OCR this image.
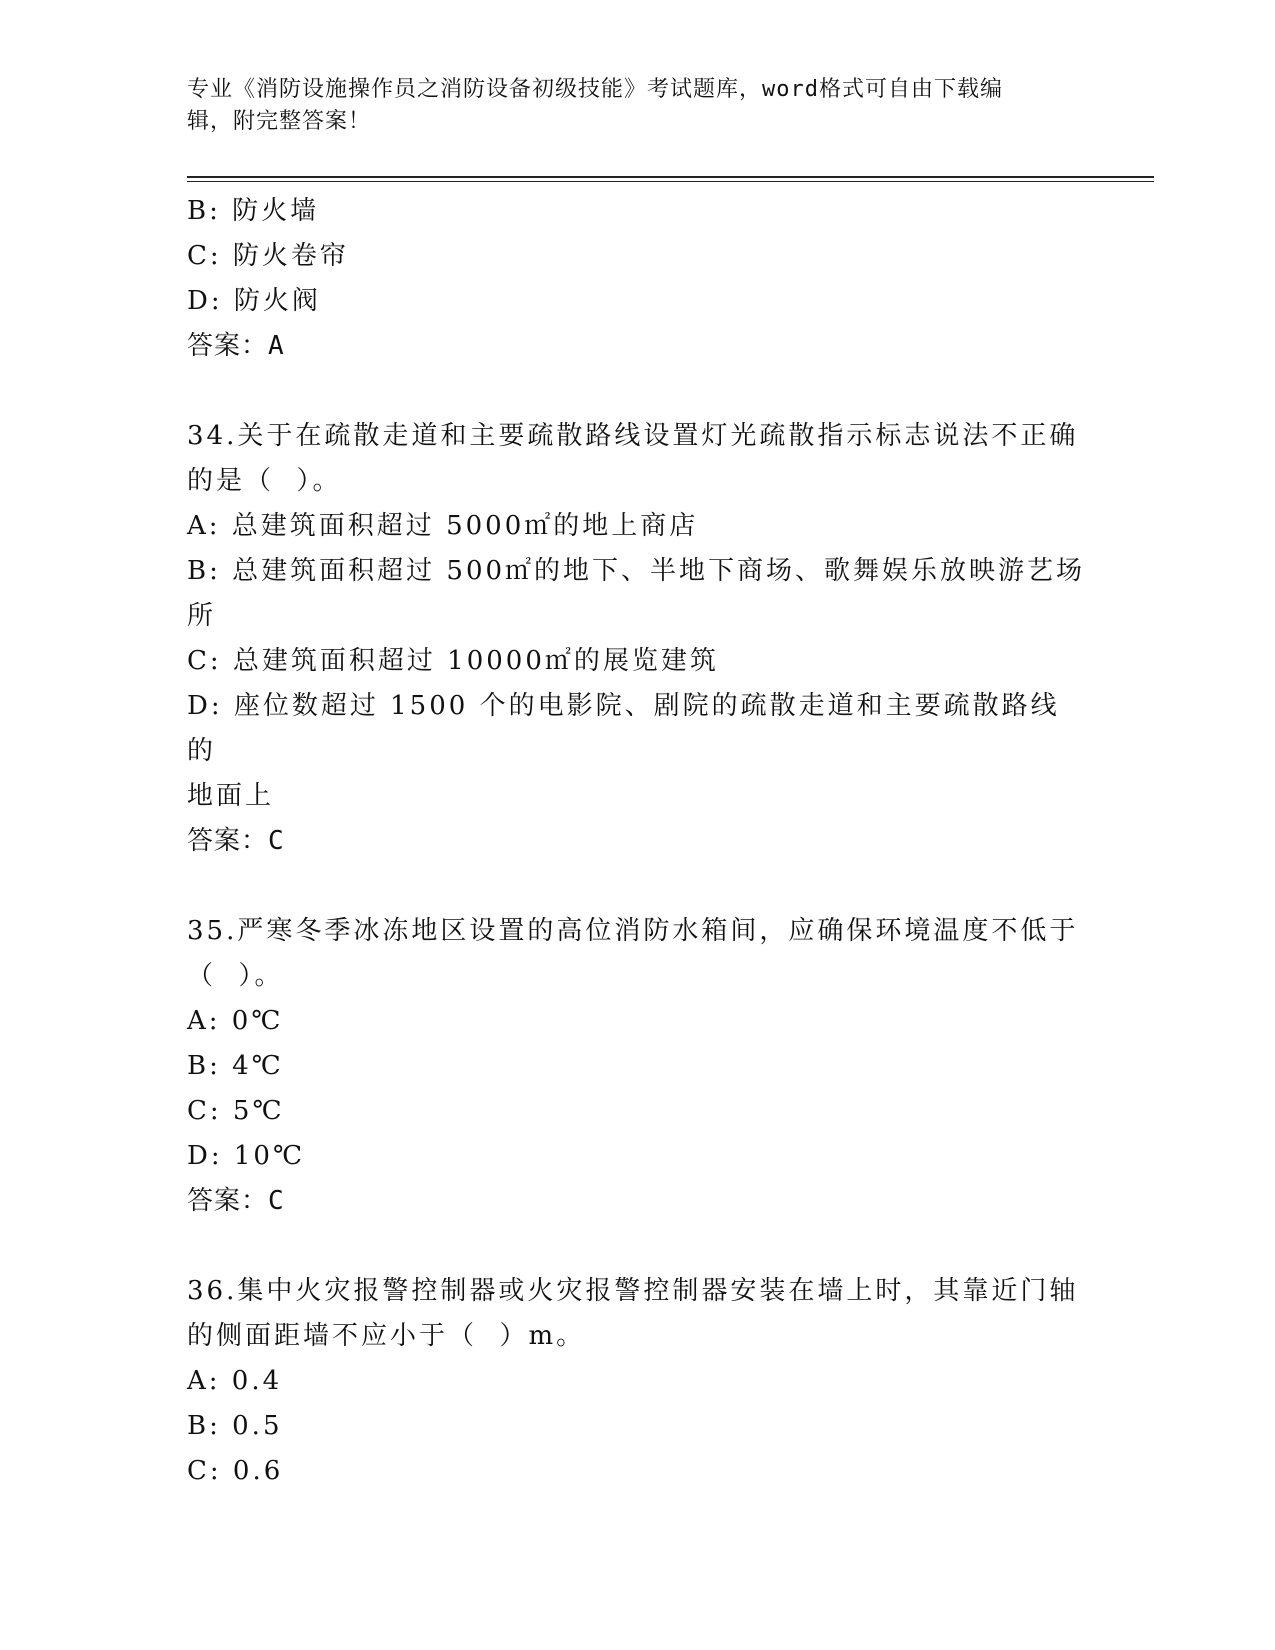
专业《消防设施操作员之消防设备初级技能》考试题库，word格式可自由下载编
辑，附完整答案！

B: 防火墙

C: 防火卷帘

D: 防火阀

答案：A

34.关于在疏散走道和主要疏散路线设置灯光疏散指示标志说法不正确

的是（  ）。

A: 总建筑面积超过 5000㎡的地上商店

B: 总建筑面积超过 500㎡的地下、半地下商场、歌舞娱乐放映游艺场

所

C: 总建筑面积超过 10000㎡的展览建筑

D: 座位数超过 1500 个的电影院、剧院的疏散走道和主要疏散路线的

地面上

答案：C

35.严寒冬季冰冻地区设置的高位消防水箱间，应确保环境温度不低于

（  ）。

A: 0℃

B: 4℃

C: 5℃

D: 10℃

答案：C

36.集中火灾报警控制器或火灾报警控制器安装在墙上时，其靠近门轴

的侧面距墙不应小于（  ）m。

A: 0.4

B: 0.5

C: 0.6
